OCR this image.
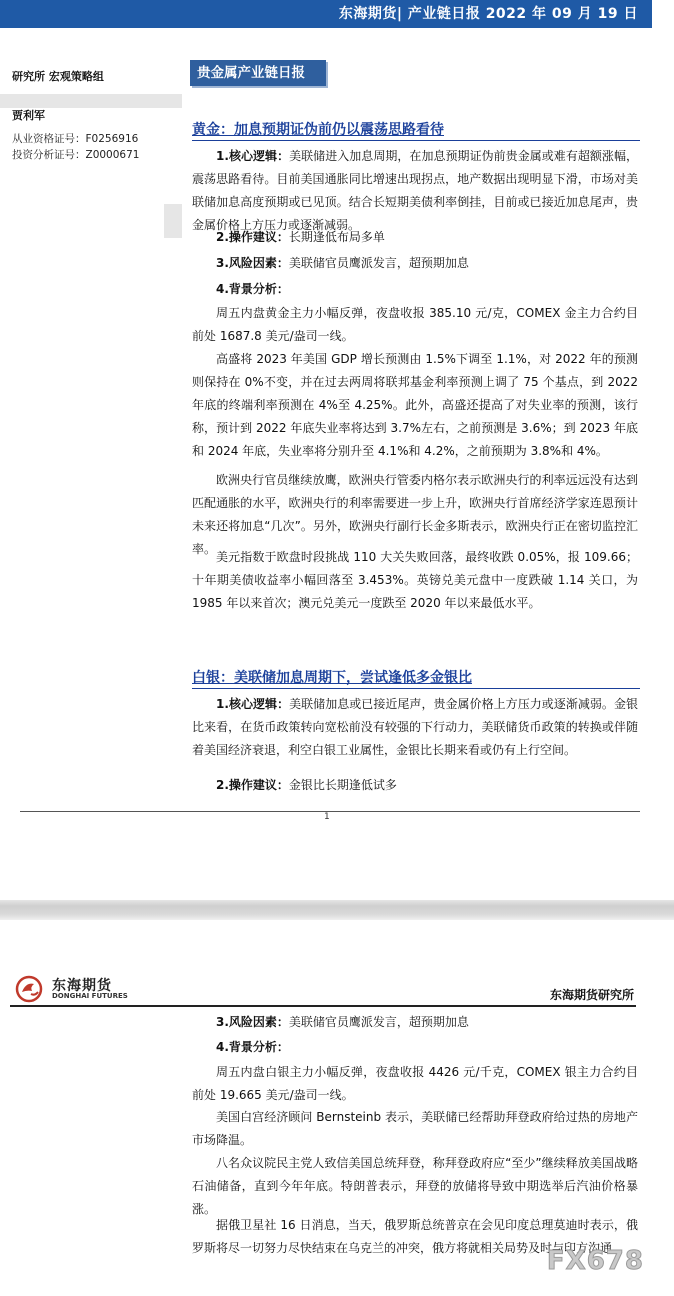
东海期货| 产业链日报 2022 年 09 月 19 日
研究所 宏观策略组
贾利军
从业资格证号：F0256916
投资分析证号：Z0000671
贵金属产业链日报
黄金：加息预期证伪前仍以震荡思路看待

1.核心逻辑：美联储进入加息周期，在加息预期证伪前贵金属或难有超额涨幅，震荡思路看待。目前美国通胀同比增速出现拐点，地产数据出现明显下滑，市场对美联储加息高度预期或已见顶。结合长短期美债利率倒挂，目前或已接近加息尾声，贵金属价格上方压力或逐渐减弱。

2.操作建议：长期逢低布局多单

3.风险因素：美联储官员鹰派发言，超预期加息

4.背景分析：

周五内盘黄金主力小幅反弹，夜盘收报 385.10 元/克，COMEX 金主力合约目前处 1687.8 美元/盎司一线。

高盛将 2023 年美国 GDP 增长预测由 1.5%下调至 1.1%，对 2022 年的预测则保持在 0%不变，并在过去两周将联邦基金利率预测上调了 75 个基点，到 2022 年底的终端利率预测在 4%至 4.25%。此外，高盛还提高了对失业率的预测，该行称，预计到 2022 年底失业率将达到 3.7%左右，之前预测是 3.6%；到 2023 年底和 2024 年底，失业率将分别升至 4.1%和 4.2%，之前预期为 3.8%和 4%。

欧洲央行官员继续放鹰，欧洲央行管委内格尔表示欧洲央行的利率远远没有达到匹配通胀的水平，欧洲央行的利率需要进一步上升，欧洲央行首席经济学家连恩预计未来还将加息“几次”。另外，欧洲央行副行长金多斯表示，欧洲央行正在密切监控汇率。

美元指数于欧盘时段挑战 110 大关失败回落，最终收跌 0.05%，报 109.66；十年期美债收益率小幅回落至 3.453%。英镑兑美元盘中一度跌破 1.14 关口，为 1985 年以来首次；澳元兑美元一度跌至 2020 年以来最低水平。

白银：美联储加息周期下，尝试逢低多金银比

1.核心逻辑：美联储加息或已接近尾声，贵金属价格上方压力或逐渐减弱。金银比来看，在货币政策转向宽松前没有较强的下行动力，美联储货币政策的转换或伴随着美国经济衰退，利空白银工业属性，金银比长期来看或仍有上行空间。

2.操作建议：金银比长期逢低试多

1
东海期货
DONGHAI FUTURES	东海期货研究所

3.风险因素：美联储官员鹰派发言，超预期加息

4.背景分析：

周五内盘白银主力小幅反弹，夜盘收报 4426 元/千克，COMEX 银主力合约目前处 19.665 美元/盎司一线。

美国白宫经济顾问 Bernsteinb 表示，美联储已经帮助拜登政府给过热的房地产市场降温。

八名众议院民主党人致信美国总统拜登，称拜登政府应“至少”继续释放美国战略石油储备，直到今年年底。特朗普表示，拜登的放储将导致中期选举后汽油价格暴涨。

据俄卫星社 16 日消息，当天，俄罗斯总统普京在会见印度总理莫迪时表示，俄罗斯将尽一切努力尽快结束在乌克兰的冲突，俄方将就相关局势及时与印方沟通。

FX678
